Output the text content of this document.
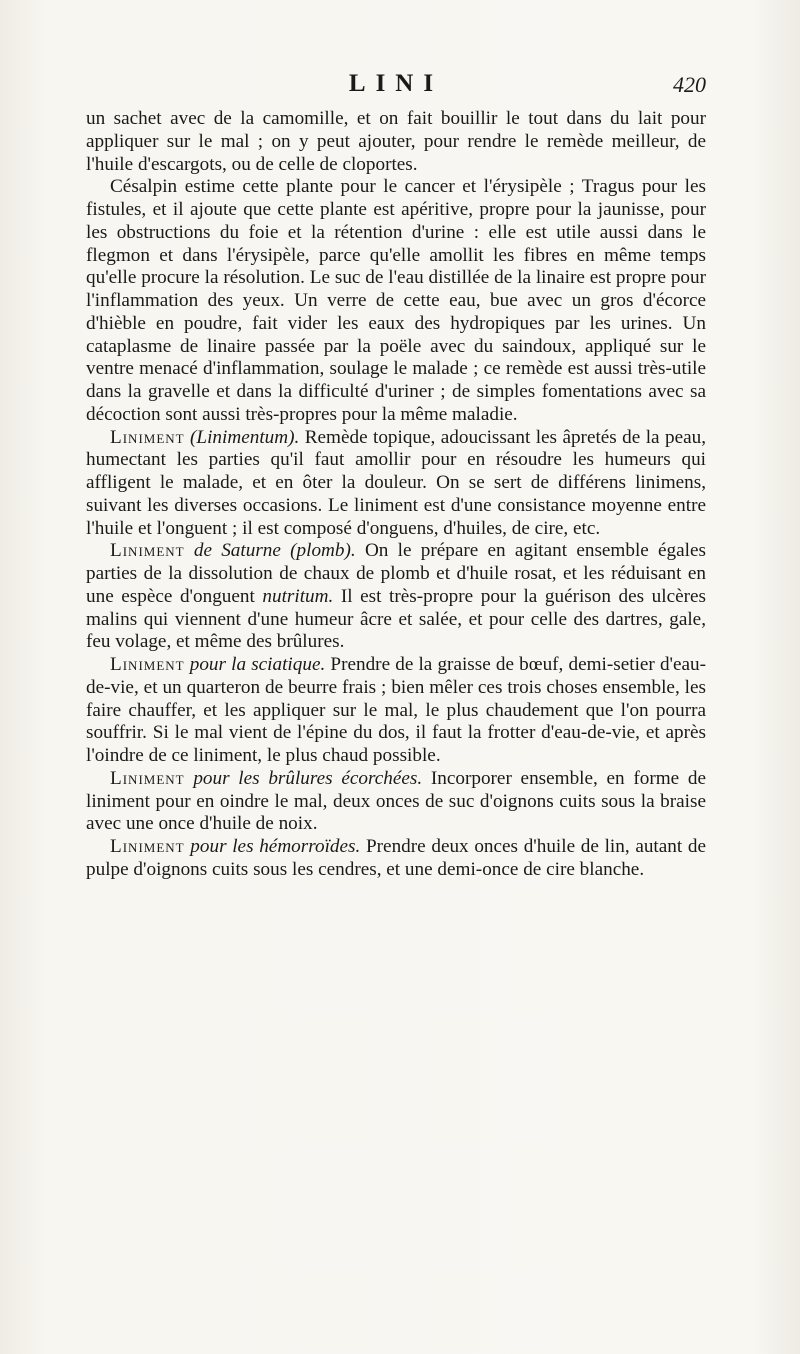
LINI	420

un sachet avec de la camomille, et on fait bouillir le tout dans du lait pour appliquer sur le mal ; on y peut ajouter, pour rendre le remède meilleur, de l'huile d'escargots, ou de celle de cloportes.

Césalpin estime cette plante pour le cancer et l'érysipèle ; Tragus pour les fistules, et il ajoute que cette plante est apéritive, propre pour la jaunisse, pour les obstructions du foie et la rétention d'urine : elle est utile aussi dans le flegmon et dans l'érysipèle, parce qu'elle amollit les fibres en même temps qu'elle procure la résolution. Le suc de l'eau distillée de la linaire est propre pour l'inflammation des yeux. Un verre de cette eau, bue avec un gros d'écorce d'hièble en poudre, fait vider les eaux des hydropiques par les urines. Un cataplasme de linaire passée par la poële avec du saindoux, appliqué sur le ventre menacé d'inflammation, soulage le malade ; ce remède est aussi très-utile dans la gravelle et dans la difficulté d'uriner ; de simples fomentations avec sa décoction sont aussi très-propres pour la même maladie.

Liniment (Linimentum). Remède topique, adoucissant les âpretés de la peau, humectant les parties qu'il faut amollir pour en résoudre les humeurs qui affligent le malade, et en ôter la douleur. On se sert de différens linimens, suivant les diverses occasions. Le liniment est d'une consistance moyenne entre l'huile et l'onguent ; il est composé d'onguens, d'huiles, de cire, etc.

Liniment de Saturne (plomb). On le prépare en agitant ensemble égales parties de la dissolution de chaux de plomb et d'huile rosat, et les réduisant en une espèce d'onguent nutritum. Il est très-propre pour la guérison des ulcères malins qui viennent d'une humeur âcre et salée, et pour celle des dartres, gale, feu volage, et même des brûlures.

Liniment pour la sciatique. Prendre de la graisse de bœuf, demi-setier d'eau-de-vie, et un quarteron de beurre frais ; bien mêler ces trois choses ensemble, les faire chauffer, et les appliquer sur le mal, le plus chaudement que l'on pourra souffrir. Si le mal vient de l'épine du dos, il faut la frotter d'eau-de-vie, et après l'oindre de ce liniment, le plus chaud possible.

Liniment pour les brûlures écorchées. Incorporer ensemble, en forme de liniment pour en oindre le mal, deux onces de suc d'oignons cuits sous la braise avec une once d'huile de noix.

Liniment pour les hémorroïdes. Prendre deux onces d'huile de lin, autant de pulpe d'oignons cuits sous les cendres, et une demi-once de cire blanche.
